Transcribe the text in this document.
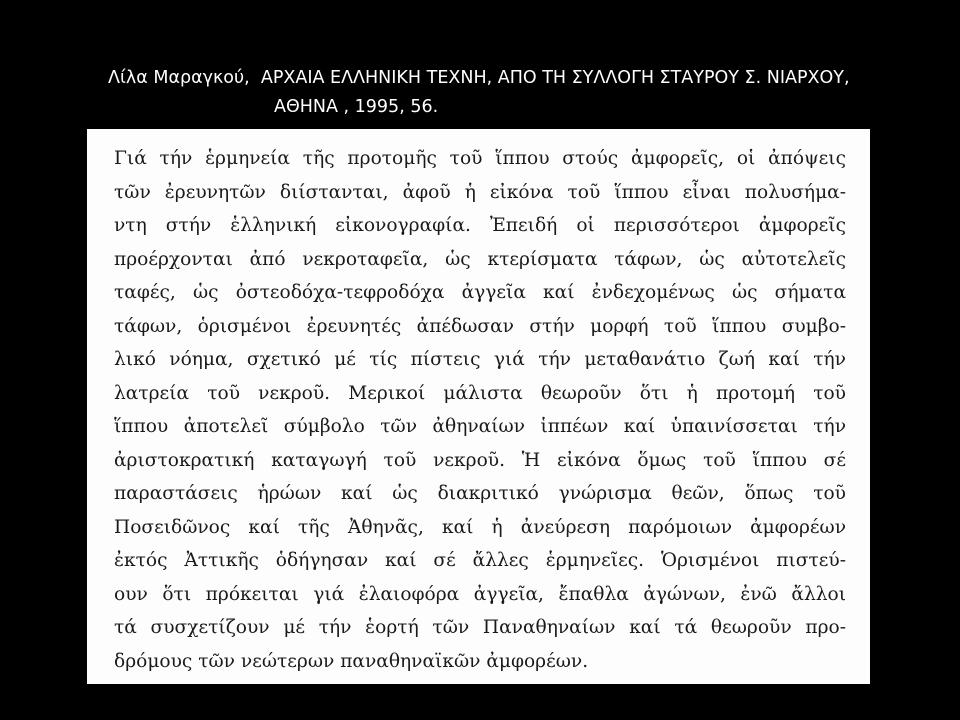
Λίλα Μαραγκού, ΑΡΧΑΙΑ ΕΛΛΗΝΙΚΗ ΤΕΧΝΗ, ΑΠΟ ΤΗ ΣΥΛΛΟΓΗ ΣΤΑΥΡΟΥ Σ. ΝΙΑΡΧΟΥ,
ΑΘΗΝΑ , 1995, 56.
Γιά τήν ἑρμηνεία τῆς προτομῆς τοῦ ἵππου στούς ἀμφορεῖς, οἱ ἀπόψεις
τῶν ἐρευνητῶν διίστανται, ἀφοῦ ἡ εἰκόνα τοῦ ἵππου εἶναι πολυσήμα-
ντη στήν ἑλληνική εἰκονογραφία. Ἐπειδή οἱ περισσότεροι ἀμφορεῖς
προέρχονται ἀπό νεκροταφεῖα, ὡς κτερίσματα τάφων, ὡς αὐτοτελεῖς
ταφές, ὡς ὀστεοδόχα-τεφροδόχα ἀγγεῖα καί ἐνδεχομένως ὡς σήματα
τάφων, ὁρισμένοι ἐρευνητές ἀπέδωσαν στήν μορφή τοῦ ἵππου συμβο-
λικό νόημα, σχετικό μέ τίς πίστεις γιά τήν μεταθανάτιο ζωή καί τήν
λατρεία τοῦ νεκροῦ. Μερικοί μάλιστα θεωροῦν ὅτι ἡ προτομή τοῦ
ἵππου ἀποτελεῖ σύμβολο τῶν ἀθηναίων ἱππέων καί ὑπαινίσσεται τήν
ἀριστοκρατική καταγωγή τοῦ νεκροῦ. Ἡ εἰκόνα ὅμως τοῦ ἵππου σέ
παραστάσεις ἡρώων καί ὡς διακριτικό γνώρισμα θεῶν, ὅπως τοῦ
Ποσειδῶνος καί τῆς Ἀθηνᾶς, καί ἡ ἀνεύρεση παρόμοιων ἀμφορέων
ἐκτός Ἀττικῆς ὁδήγησαν καί σέ ἄλλες ἑρμηνεῖες. Ὁρισμένοι πιστεύ-
ουν ὅτι πρόκειται γιά ἐλαιοφόρα ἀγγεῖα, ἔπαθλα ἀγώνων, ἐνῶ ἄλλοι
τά συσχετίζουν μέ τήν ἑορτή τῶν Παναθηναίων καί τά θεωροῦν προ-
δρόμους τῶν νεώτερων παναθηναϊκῶν ἀμφορέων.
